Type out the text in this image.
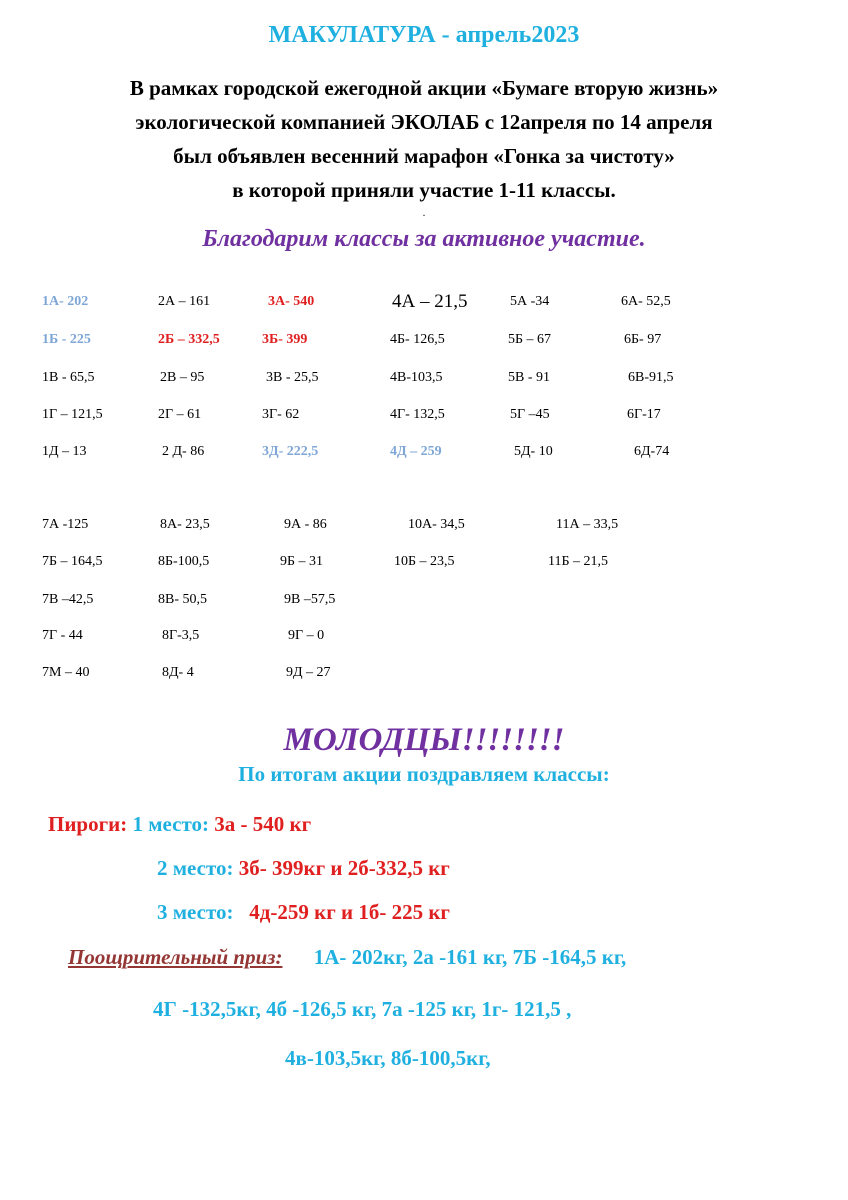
МАКУЛАТУРА - апрель2023
В рамках городской ежегодной акции «Бумаге вторую жизнь»
экологической компанией ЭКОЛАБ с 12апреля по 14 апреля
был объявлен весенний марафон «Гонка за чистоту»
в которой приняли участие 1-11 классы.
.
Благодарим классы за активное участие.
1А- 202	2А – 161	3А- 540	4А – 21,5	5А -34	6А- 52,5
1Б - 225	2Б – 332,5	3Б- 399	4Б- 126,5	5Б – 67	6Б- 97
1В - 65,5	2В – 95	3В - 25,5	4В-103,5	5В - 91	6В-91,5
1Г – 121,5	2Г – 61	3Г- 62	4Г- 132,5	5Г –45	6Г-17
1Д – 13	2 Д- 86	3Д- 222,5	4Д – 259	5Д- 10	6Д-74
7А -125	8А- 23,5	9А - 86	10А- 34,5	11А – 33,5
7Б – 164,5	8Б-100,5	9Б – 31	10Б – 23,5	11Б – 21,5
7В –42,5	8В- 50,5	9В –57,5
7Г - 44	8Г-3,5	9Г – 0
7М – 40	8Д- 4	9Д – 27
МОЛОДЦЫ!!!!!!!!
По итогам акции поздравляем классы:
Пироги: 1 место: 3а - 540 кг
2 место: 3б- 399кг и 2б-332,5 кг
3 место: 4д-259 кг и 1б- 225 кг
Поощрительный приз: 1А- 202кг, 2а -161 кг, 7Б -164,5 кг,
4Г -132,5кг, 4б -126,5 кг, 7а -125 кг, 1г- 121,5 ,
4в-103,5кг, 8б-100,5кг,
